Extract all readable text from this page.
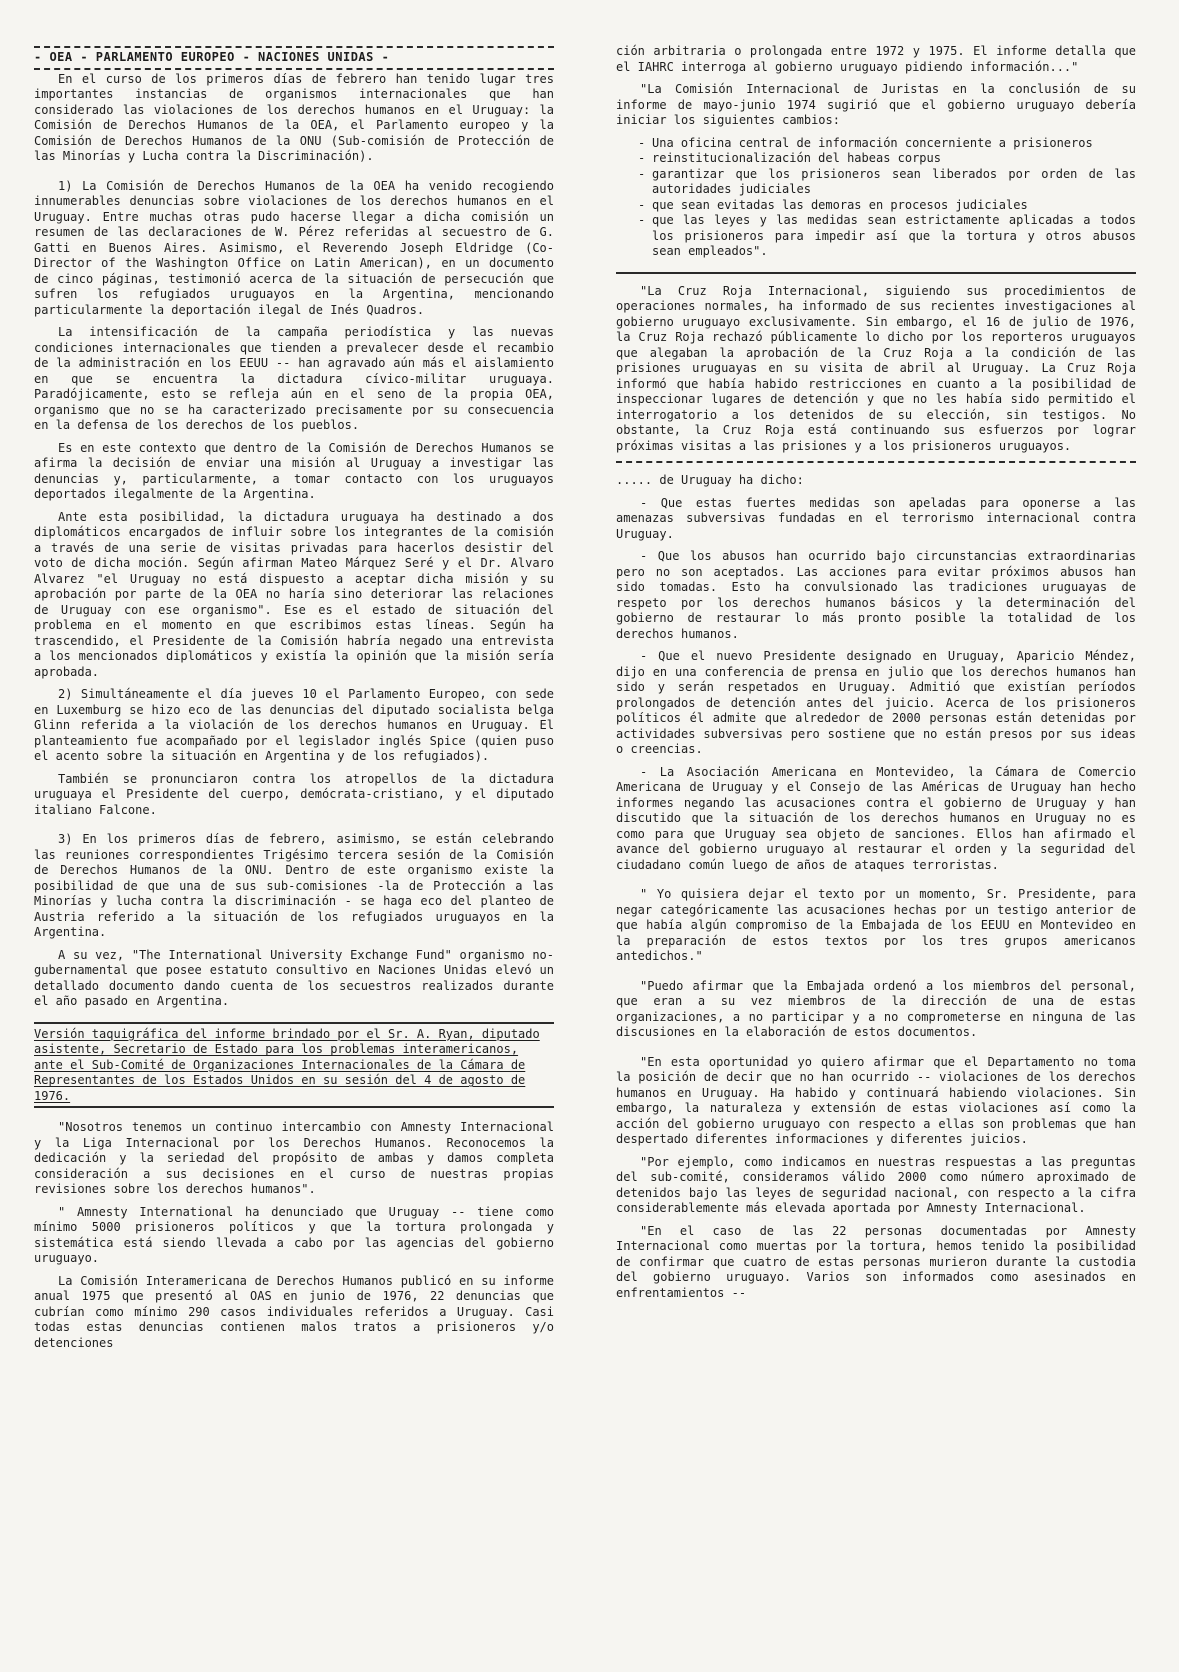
- OEA - PARLAMENTO EUROPEO - NACIONES UNIDAS -

En el curso de los primeros días de febrero han tenido lugar tres importantes instancias de organismos internacionales que han considerado las violaciones de los derechos humanos en el Uruguay: la Comisión de Derechos Humanos de la OEA, el Parlamento europeo y la Comisión de Derechos Humanos de la ONU (Sub-comisión de Protección de las Minorías y Lucha contra la Discriminación).

1) La Comisión de Derechos Humanos de la OEA ha venido recogiendo innumerables denuncias sobre violaciones de los derechos humanos en el Uruguay. Entre muchas otras pudo hacerse llegar a dicha comisión un resumen de las declaraciones de W. Pérez referidas al secuestro de G. Gatti en Buenos Aires. Asimismo, el Reverendo Joseph Eldridge (Co-Director of the Washington Office on Latin American), en un documento de cinco páginas, testimonió acerca de la situación de persecución que sufren los refugiados uruguayos en la Argentina, mencionando particularmente la deportación ilegal de Inés Quadros.

La intensificación de la campaña periodística y las nuevas condiciones internacionales que tienden a prevalecer desde el recambio de la administración en los EEUU -- han agravado aún más el aislamiento en que se encuentra la dictadura cívico-militar uruguaya. Paradójicamente, esto se refleja aún en el seno de la propia OEA, organismo que no se ha caracterizado precisamente por su consecuencia en la defensa de los derechos de los pueblos.

Es en este contexto que dentro de la Comisión de Derechos Humanos se afirma la decisión de enviar una misión al Uruguay a investigar las denuncias y, particularmente, a tomar contacto con los uruguayos deportados ilegalmente de la Argentina.

Ante esta posibilidad, la dictadura uruguaya ha destinado a dos diplomáticos encargados de influir sobre los integrantes de la comisión a través de una serie de visitas privadas para hacerlos desistir del voto de dicha moción. Según afirman Mateo Márquez Seré y el Dr. Alvaro Alvarez "el Uruguay no está dispuesto a aceptar dicha misión y su aprobación por parte de la OEA no haría sino deteriorar las relaciones de Uruguay con ese organismo". Ese es el estado de situación del problema en el momento en que escribimos estas líneas. Según ha trascendido, el Presidente de la Comisión habría negado una entrevista a los mencionados diplomáticos y existía la opinión que la misión sería aprobada.

2) Simultáneamente el día jueves 10 el Parlamento Europeo, con sede en Luxemburg se hizo eco de las denuncias del diputado socialista belga Glinn referida a la violación de los derechos humanos en Uruguay. El planteamiento fue acompañado por el legislador inglés Spice (quien puso el acento sobre la situación en Argentina y de los refugiados).

También se pronunciaron contra los atropellos de la dictadura uruguaya el Presidente del cuerpo, demócrata-cristiano, y el diputado italiano Falcone.

3) En los primeros días de febrero, asimismo, se están celebrando las reuniones correspondientes Trigésimo tercera sesión de la Comisión de Derechos Humanos de la ONU. Dentro de este organismo existe la posibilidad de que una de sus sub-comisiones -la de Protección a las Minorías y lucha contra la discriminación - se haga eco del planteo de Austria referido a la situación de los refugiados uruguayos en la Argentina.

A su vez, "The International University Exchange Fund" organismo no-gubernamental que posee estatuto consultivo en Naciones Unidas elevó un detallado documento dando cuenta de los secuestros realizados durante el año pasado en Argentina.

Versión taquigráfica del informe brindado por el Sr. A. Ryan, diputado asistente, Secretario de Estado para los problemas interamericanos, ante el Sub-Comité de Organizaciones Internacionales de la Cámara de Representantes de los Estados Unidos en su sesión del 4 de agosto de 1976.

"Nosotros tenemos un continuo intercambio con Amnesty Internacional y la Liga Internacional por los Derechos Humanos. Reconocemos la dedicación y la seriedad del propósito de ambas y damos completa consideración a sus decisiones en el curso de nuestras propias revisiones sobre los derechos humanos".

" Amnesty International ha denunciado que Uruguay -- tiene como mínimo 5000 prisioneros políticos y que la tortura prolongada y sistemática está siendo llevada a cabo por las agencias del gobierno uruguayo.

La Comisión Interamericana de Derechos Humanos publicó en su informe anual 1975 que presentó al OAS en junio de 1976, 22 denuncias que cubrían como mínimo 290 casos individuales referidos a Uruguay. Casi todas estas denuncias contienen malos tratos a prisioneros y/o detenciones

ción arbitraria o prolongada entre 1972 y 1975. El informe detalla que el IAHRC interroga al gobierno uruguayo pidiendo información..."

"La Comisión Internacional de Juristas en la conclusión de su informe de mayo-junio 1974 sugirió que el gobierno uruguayo debería iniciar los siguientes cambios:

- Una oficina central de información concerniente a prisioneros
- reinstitucionalización del habeas corpus
- garantizar que los prisioneros sean liberados por orden de las autoridades judiciales
- que sean evitadas las demoras en procesos judiciales
- que las leyes y las medidas sean estrictamente aplicadas a todos los prisioneros para impedir así que la tortura y otros abusos sean empleados".

"La Cruz Roja Internacional, siguiendo sus procedimientos de operaciones normales, ha informado de sus recientes investigaciones al gobierno uruguayo exclusivamente. Sin embargo, el 16 de julio de 1976, la Cruz Roja rechazó públicamente lo dicho por los reporteros uruguayos que alegaban la aprobación de la Cruz Roja a la condición de las prisiones uruguayas en su visita de abril al Uruguay. La Cruz Roja informó que había habido restricciones en cuanto a la posibilidad de inspeccionar lugares de detención y que no les había sido permitido el interrogatorio a los detenidos de su elección, sin testigos. No obstante, la Cruz Roja está continuando sus esfuerzos por lograr próximas visitas a las prisiones y a los prisioneros uruguayos.

..... de Uruguay ha dicho:

- Que estas fuertes medidas son apeladas para oponerse a las amenazas subversivas fundadas en el terrorismo internacional contra Uruguay.

- Que los abusos han ocurrido bajo circunstancias extraordinarias pero no son aceptados. Las acciones para evitar próximos abusos han sido tomadas. Esto ha convulsionado las tradiciones uruguayas de respeto por los derechos humanos básicos y la determinación del gobierno de restaurar lo más pronto posible la totalidad de los derechos humanos.

- Que el nuevo Presidente designado en Uruguay, Aparicio Méndez, dijo en una conferencia de prensa en julio que los derechos humanos han sido y serán respetados en Uruguay. Admitió que existían períodos prolongados de detención antes del juicio. Acerca de los prisioneros políticos él admite que alrededor de 2000 personas están detenidas por actividades subversivas pero sostiene que no están presos por sus ideas o creencias.

- La Asociación Americana en Montevideo, la Cámara de Comercio Americana de Uruguay y el Consejo de las Américas de Uruguay han hecho informes negando las acusaciones contra el gobierno de Uruguay y han discutido que la situación de los derechos humanos en Uruguay no es como para que Uruguay sea objeto de sanciones. Ellos han afirmado el avance del gobierno uruguayo al restaurar el orden y la seguridad del ciudadano común luego de años de ataques terroristas.

" Yo quisiera dejar el texto por un momento, Sr. Presidente, para negar categóricamente las acusaciones hechas por un testigo anterior de que había algún compromiso de la Embajada de los EEUU en Montevideo en la preparación de estos textos por los tres grupos americanos antedichos."

"Puedo afirmar que la Embajada ordenó a los miembros del personal, que eran a su vez miembros de la dirección de una de estas organizaciones, a no participar y a no comprometerse en ninguna de las discusiones en la elaboración de estos documentos.

"En esta oportunidad yo quiero afirmar que el Departamento no toma la posición de decir que no han ocurrido -- violaciones de los derechos humanos en Uruguay. Ha habido y continuará habiendo violaciones. Sin embargo, la naturaleza y extensión de estas violaciones así como la acción del gobierno uruguayo con respecto a ellas son problemas que han despertado diferentes informaciones y diferentes juicios.

"Por ejemplo, como indicamos en nuestras respuestas a las preguntas del sub-comité, consideramos válido 2000 como número aproximado de detenidos bajo las leyes de seguridad nacional, con respecto a la cifra considerablemente más elevada aportada por Amnesty Internacional.

"En el caso de las 22 personas documentadas por Amnesty Internacional como muertas por la tortura, hemos tenido la posibilidad de confirmar que cuatro de estas personas murieron durante la custodia del gobierno uruguayo. Varios son informados como asesinados en enfrentamientos --
